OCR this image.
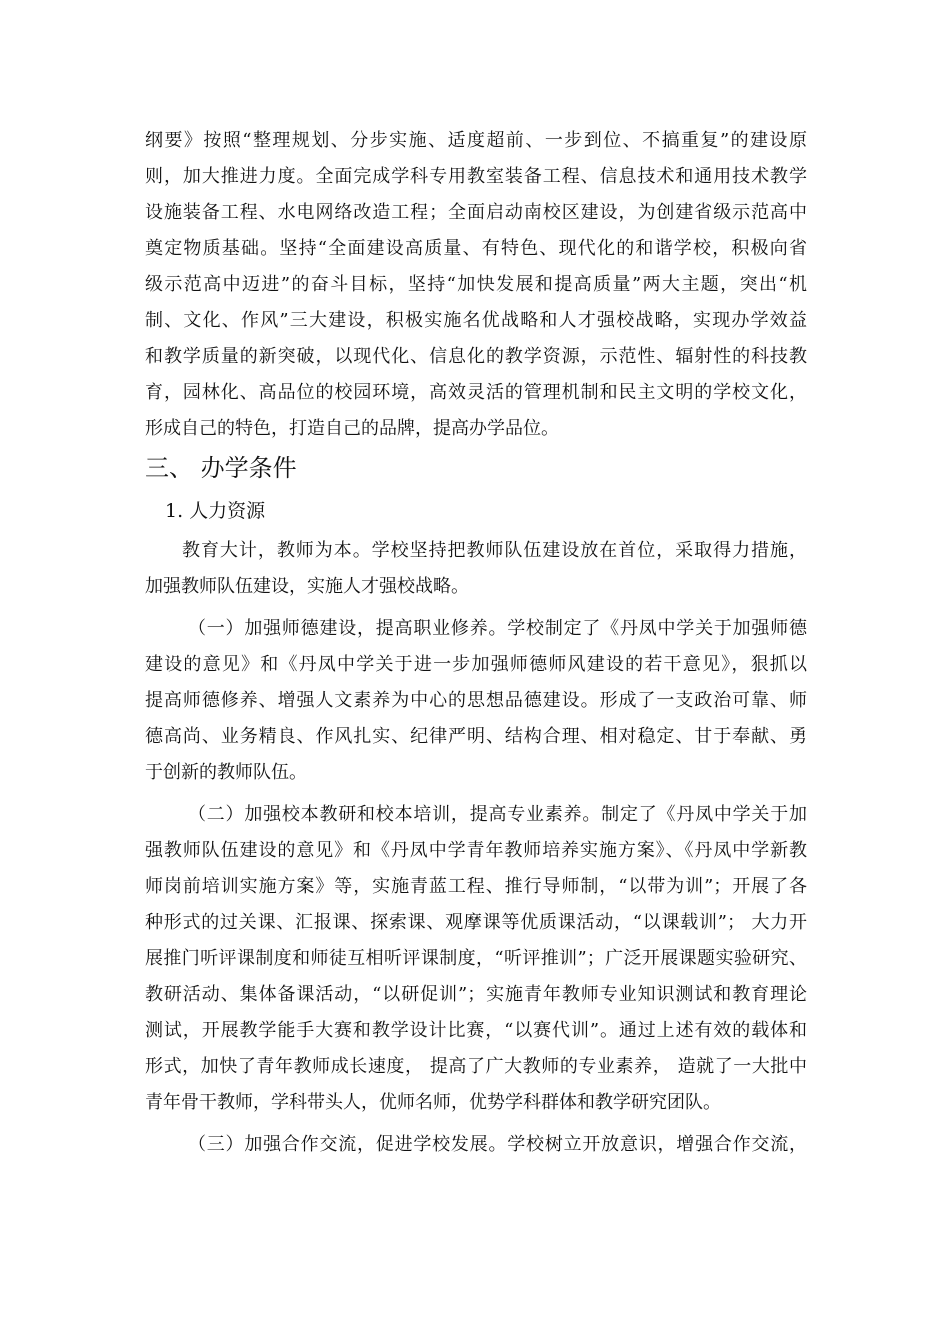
纲要》按照“整理规划、分步实施、适度超前、一步到位、不搞重复”的建设原
则，加大推进力度。全面完成学科专用教室装备工程、信息技术和通用技术教学
设施装备工程、水电网络改造工程；全面启动南校区建设，为创建省级示范高中
奠定物质基础。坚持“全面建设高质量、有特色、现代化的和谐学校，积极向省
级示范高中迈进”的奋斗目标，坚持“加快发展和提高质量”两大主题，突出“机
制、文化、作风”三大建设，积极实施名优战略和人才强校战略，实现办学效益
和教学质量的新突破，以现代化、信息化的教学资源，示范性、辐射性的科技教
育，园林化、高品位的校园环境，高效灵活的管理机制和民主文明的学校文化，
形成自己的特色，打造自己的品牌，提高办学品位。
三、 办学条件
1. 人力资源
教育大计，教师为本。学校坚持把教师队伍建设放在首位，采取得力措施，
加强教师队伍建设，实施人才强校战略。
（一）加强师德建设，提高职业修养。学校制定了《丹凤中学关于加强师德
建设的意见》和《丹凤中学关于进一步加强师德师风建设的若干意见》，狠抓以
提高师德修养、增强人文素养为中心的思想品德建设。形成了一支政治可靠、师
德高尚、业务精良、作风扎实、纪律严明、结构合理、相对稳定、甘于奉献、勇
于创新的教师队伍。
（二）加强校本教研和校本培训，提高专业素养。制定了《丹凤中学关于加
强教师队伍建设的意见》和《丹凤中学青年教师培养实施方案》、《丹凤中学新教
师岗前培训实施方案》等，实施青蓝工程、推行导师制，“以带为训”；开展了各
种形式的过关课、汇报课、探索课、观摩课等优质课活动，“以课载训”； 大力开
展推门听评课制度和师徒互相听评课制度，“听评推训”；广泛开展课题实验研究、
教研活动、集体备课活动，“以研促训”；实施青年教师专业知识测试和教育理论
测试，开展教学能手大赛和教学设计比赛，“以赛代训”。通过上述有效的载体和
形式，加快了青年教师成长速度， 提高了广大教师的专业素养， 造就了一大批中
青年骨干教师，学科带头人，优师名师，优势学科群体和教学研究团队。
（三）加强合作交流，促进学校发展。学校树立开放意识，增强合作交流，
